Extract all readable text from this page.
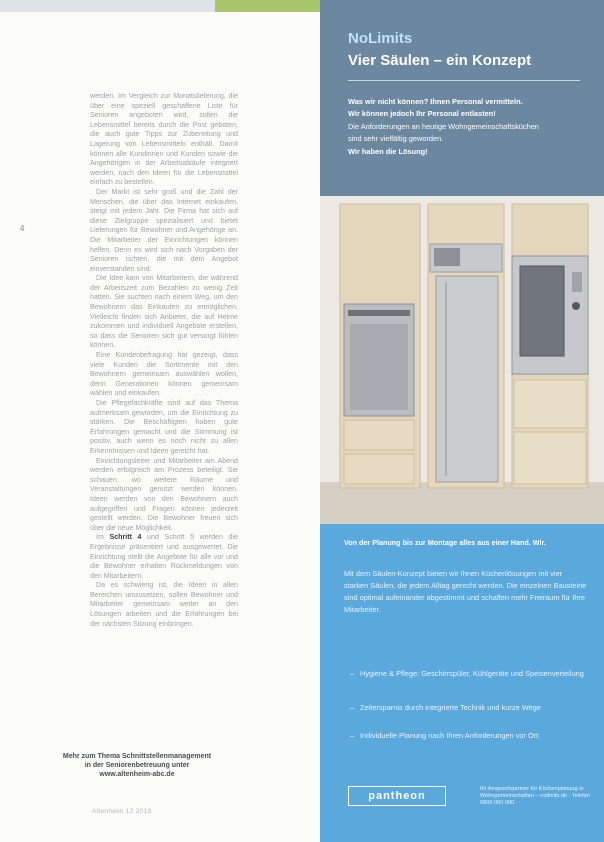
werden. Im Vergleich zur Monatslieferung, die über eine speziell geschaffene Liste für Senioren angeboten wird, sollen die Lebensmittel bereits durch die Post geboten, die auch gute Tipps zur Zubereitung und Lagerung von Lebensmitteln enthält. Damit können alle Kundinnen und Kunden sowie die Angehörigen in der Arbeitsabläufe integriert werden, nach den Ideen für die Lebensmittel einfach zu bestellen.

Der Markt ist sehr groß und die Zahl der Menschen, die über das Internet einkaufen, steigt mit jedem Jahr. Die Firma hat sich auf diese Zielgruppe spezialisiert und bietet Lieferungen für Bewohner und Angehörige an. Die Mitarbeiter der Einrichtungen können helfen. Denn es wird sich nach Vorgaben der Senioren richten, die mit dem Angebot einverstanden sind.

Die Idee kam von Mitarbeitern, die während der Arbeitszeit zum Bezahlen zu wenig Zeit hatten. Sie suchten nach einem Weg, um den Bewohnern das Einkaufen zu ermöglichen. Vielleicht finden sich Anbieter, die auf Heime zukommen und individuell Angebote erstellen, so dass die Senioren sich gut versorgt fühlen können.

Eine Kundenbefragung hat gezeigt, dass viele Kunden die Sortimente mit den Bewohnern gemeinsam auswählen wollen, denn Generationen können gemeinsam wählen und einkaufen.

Die Pflegefachkräfte sind auf das Thema aufmerksam geworden, um die Einrichtung zu stärken. Die Beschäftigten haben gute Erfahrungen gemacht und die Stimmung ist positiv, auch wenn es noch nicht zu allen Erkenntnissen und Ideen gereicht hat.

Einrichtungsleiter und Mitarbeiter am Abend werden erfolgreich am Prozess beteiligt. Sie schauen, wo weitere Räume und Veranstaltungen genutzt werden können. Ideen werden von den Bewohnern auch aufgegriffen und Fragen können jederzeit gestellt werden. Die Bewohner freuen sich über die neue Möglichkeit.

Im Schritt 4 und Schritt 5 werden die Ergebnisse präsentiert und ausgewertet. Die Einrichtung stellt die Angebote für alle vor und die Bewohner erhalten Rückmeldungen von den Mitarbeitern.

Da es schwierig ist, die Ideen in allen Bereichen umzusetzen, sollen Bewohner und Mitarbeiter gemeinsam weiter an den Lösungen arbeiten und die Erfahrungen bei der nächsten Sitzung einbringen.

4
Mehr zum Thema Schnittstellenmanagement in der Seniorenbetreuung unter www.altenheim-abc.de
Altenheim 12 2013
NoLimits
Vier Säulen – ein Konzept
Was wir nicht können? Ihnen Personal vermitteln.
Wir können jedoch Ihr Personal entlasten!
Die Anforderungen an heutige Wohngemeinschaftsküchen
sind sehr vielfältig geworden.
Wir haben die Lösung!
Von der Planung bis zur Montage alles aus einer Hand. Wir.
Mit dem Säulen-Konzept bieten wir Ihnen Küchenlösungen mit vier starken Säulen, die jedem Alltag gerecht werden. Die einzelnen Bausteine sind optimal aufeinander abgestimmt und schaffen mehr Freiraum für Ihre Mitarbeiter.
– Hygiene & Pflege: Geschirrspüler, Kühlgeräte und Speisenverteilung
– Zeitersparnis durch integrierte Technik und kurze Wege
– Individuelle Planung nach Ihren Anforderungen vor Ort
pantheon
Ihr Ansprechpartner für Küchenplanung in Wohngemeinschaften – nolimits.de · Telefon 0800 000 000
